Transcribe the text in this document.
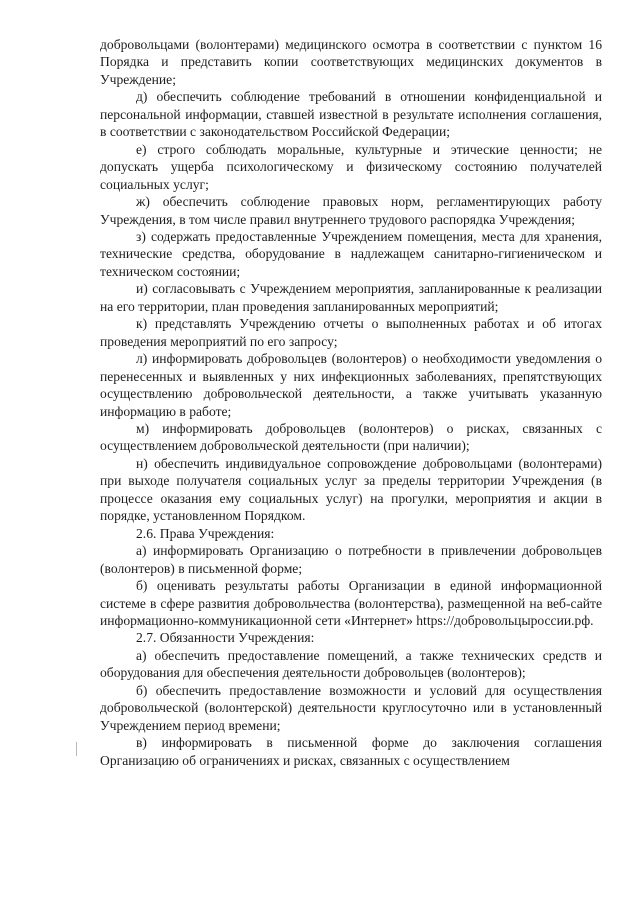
добровольцами (волонтерами) медицинского осмотра в соответствии с пунктом 16 Порядка и представить копии соответствующих медицинских документов в Учреждение;

д) обеспечить соблюдение требований в отношении конфиденциальной и персональной информации, ставшей известной в результате исполнения соглашения, в соответствии с законодательством Российской Федерации;

е) строго соблюдать моральные, культурные и этические ценности; не допускать ущерба психологическому и физическому состоянию получателей социальных услуг;

ж) обеспечить соблюдение правовых норм, регламентирующих работу Учреждения, в том числе правил внутреннего трудового распорядка Учреждения;

з) содержать предоставленные Учреждением помещения, места для хранения, технические средства, оборудование в надлежащем санитарно-гигиеническом и техническом состоянии;

и) согласовывать с Учреждением мероприятия, запланированные к реализации на его территории, план проведения запланированных мероприятий;

к) представлять Учреждению отчеты о выполненных работах и об итогах проведения мероприятий по его запросу;

л) информировать добровольцев (волонтеров) о необходимости уведомления о перенесенных и выявленных у них инфекционных заболеваниях, препятствующих осуществлению добровольческой деятельности, а также учитывать указанную информацию в работе;

м) информировать добровольцев (волонтеров) о рисках, связанных с осуществлением добровольческой деятельности (при наличии);

н) обеспечить индивидуальное сопровождение добровольцами (волонтерами) при выходе получателя социальных услуг за пределы территории Учреждения (в процессе оказания ему социальных услуг) на прогулки, мероприятия и акции в порядке, установленном Порядком.

2.6. Права Учреждения:

а) информировать Организацию о потребности в привлечении добровольцев (волонтеров) в письменной форме;

б) оценивать результаты работы Организации в единой информационной системе в сфере развития добровольчества (волонтерства), размещенной на веб-сайте информационно-коммуникационной сети «Интернет» https://добровольцыроссии.рф.

2.7. Обязанности Учреждения:

а) обеспечить предоставление помещений, а также технических средств и оборудования для обеспечения деятельности добровольцев (волонтеров);

б) обеспечить предоставление возможности и условий для осуществления добровольческой (волонтерской) деятельности круглосуточно или в установленный Учреждением период времени;

в) информировать в письменной форме до заключения соглашения Организацию об ограничениях и рисках, связанных с осуществлением
